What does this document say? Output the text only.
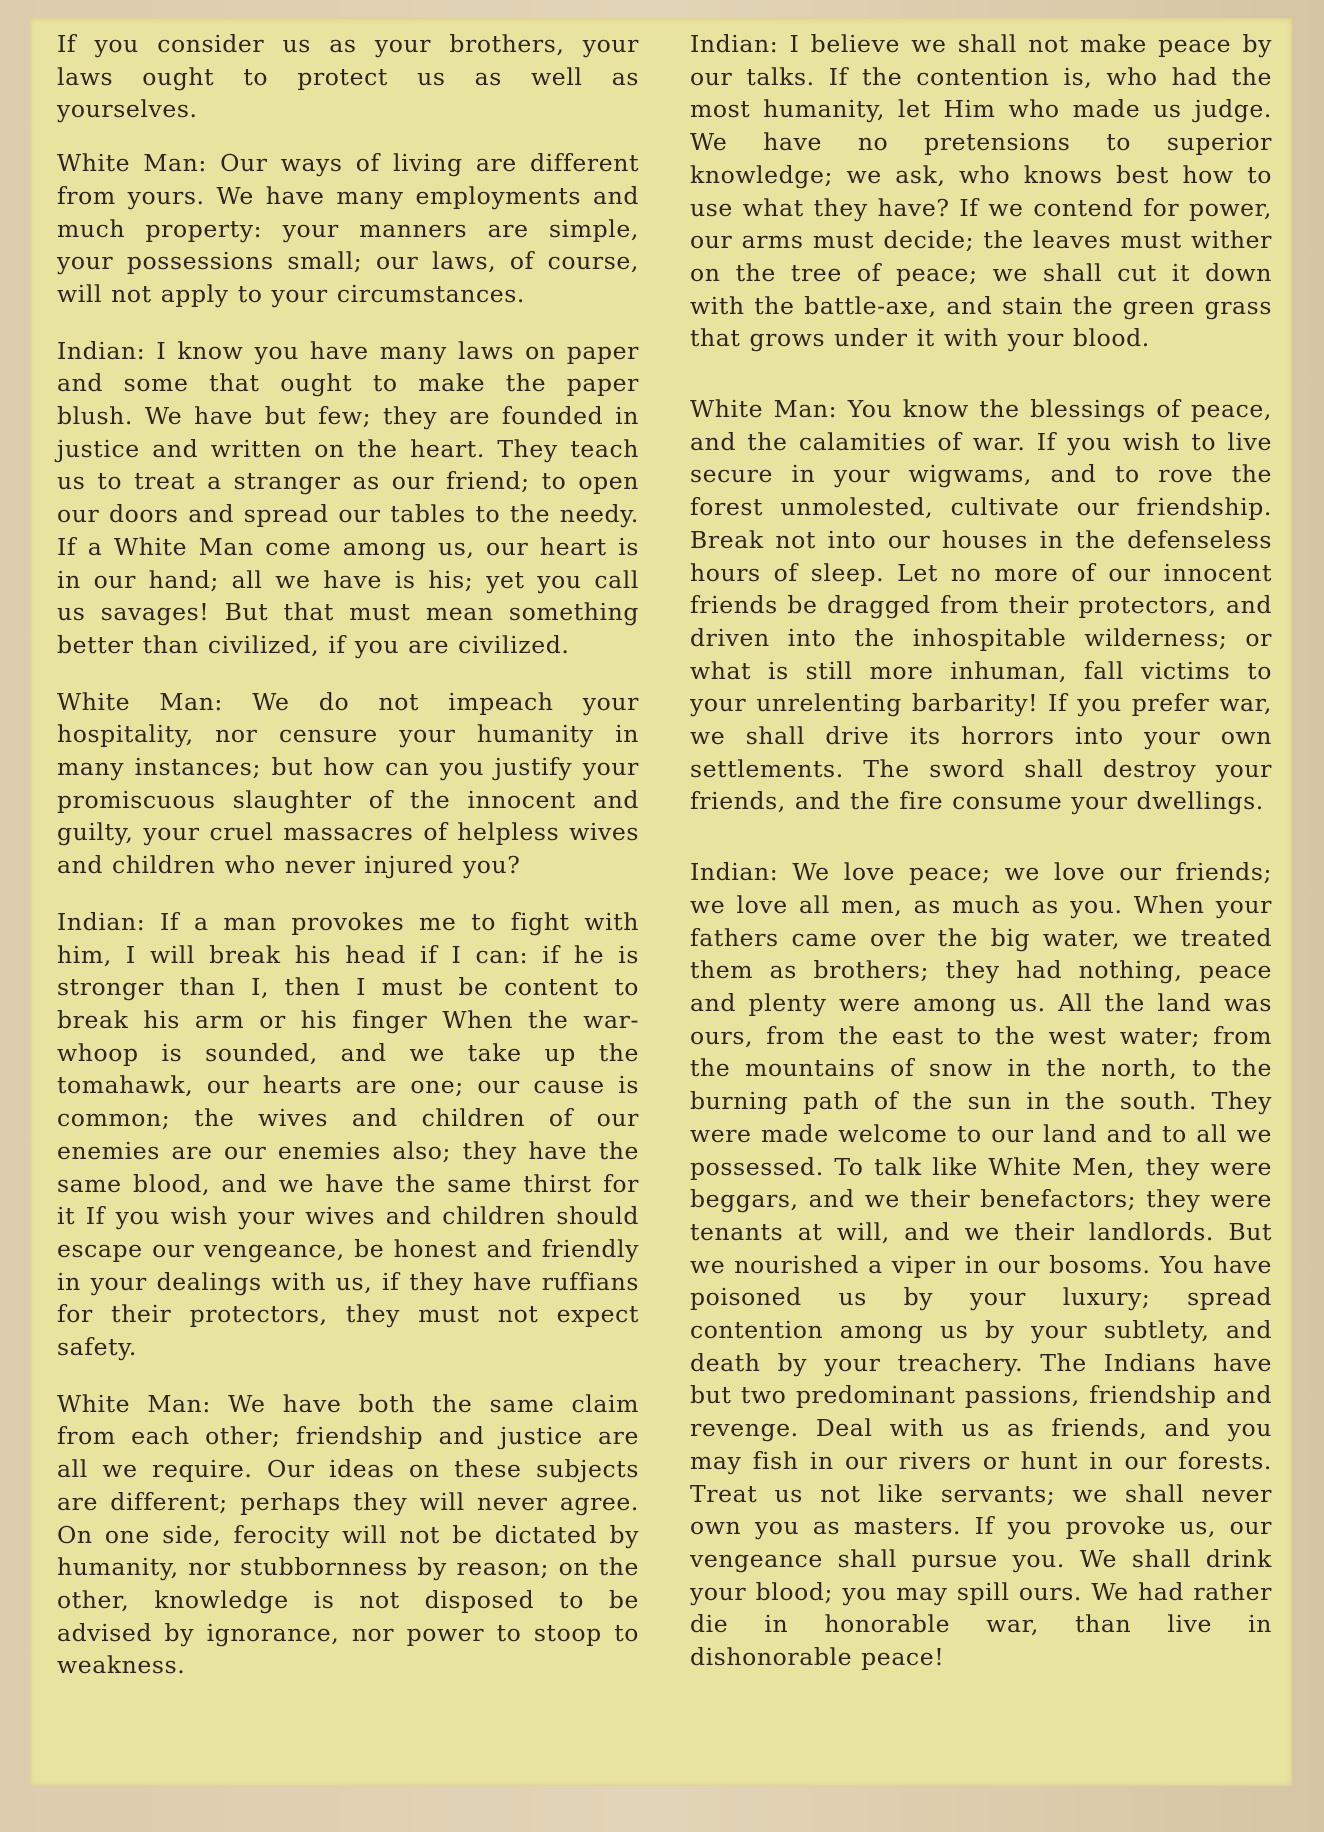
If you consider us as your brothers, your laws ought to protect us as well as yourselves.

White Man: Our ways of living are different from yours. We have many employments and much property: your manners are simple, your possessions small; our laws, of course, will not apply to your circumstances.

Indian: I know you have many laws on paper and some that ought to make the paper blush. We have but few; they are founded in justice and written on the heart. They teach us to treat a stranger as our friend; to open our doors and spread our tables to the needy. If a White Man come among us, our heart is in our hand; all we have is his; yet you call us savages! But that must mean something better than civilized, if you are civilized.

White Man: We do not impeach your hospitality, nor censure your humanity in many instances; but how can you justify your promiscuous slaughter of the innocent and guilty, your cruel massacres of helpless wives and children who never injured you?

Indian: If a man provokes me to fight with him, I will break his head if I can: if he is stronger than I, then I must be content to break his arm or his finger When the war-whoop is sounded, and we take up the tomahawk, our hearts are one; our cause is common; the wives and children of our enemies are our enemies also; they have the same blood, and we have the same thirst for it If you wish your wives and children should escape our vengeance, be honest and friendly in your dealings with us, if they have ruffians for their protectors, they must not expect safety.

White Man: We have both the same claim from each other; friendship and justice are all we require. Our ideas on these subjects are different; perhaps they will never agree. On one side, ferocity will not be dictated by humanity, nor stubbornness by reason; on the other, knowledge is not disposed to be advised by ignorance, nor power to stoop to weakness.

Indian: I believe we shall not make peace by our talks. If the contention is, who had the most humanity, let Him who made us judge. We have no pretensions to superior knowledge; we ask, who knows best how to use what they have? If we contend for power, our arms must decide; the leaves must wither on the tree of peace; we shall cut it down with the battle-axe, and stain the green grass that grows under it with your blood.

White Man: You know the blessings of peace, and the calamities of war. If you wish to live secure in your wigwams, and to rove the forest unmolested, cultivate our friendship. Break not into our houses in the defenseless hours of sleep. Let no more of our innocent friends be dragged from their protectors, and driven into the inhospitable wilderness; or what is still more inhuman, fall victims to your unrelenting barbarity! If you prefer war, we shall drive its horrors into your own settlements. The sword shall destroy your friends, and the fire consume your dwellings.

Indian: We love peace; we love our friends; we love all men, as much as you. When your fathers came over the big water, we treated them as brothers; they had nothing, peace and plenty were among us. All the land was ours, from the east to the west water; from the mountains of snow in the north, to the burning path of the sun in the south. They were made welcome to our land and to all we possessed. To talk like White Men, they were beggars, and we their benefactors; they were tenants at will, and we their landlords. But we nourished a viper in our bosoms. You have poisoned us by your luxury; spread contention among us by your subtlety, and death by your treachery. The Indians have but two predominant passions, friendship and revenge. Deal with us as friends, and you may fish in our rivers or hunt in our forests. Treat us not like servants; we shall never own you as masters. If you provoke us, our vengeance shall pursue you. We shall drink your blood; you may spill ours. We had rather die in honorable war, than live in dishonorable peace!
